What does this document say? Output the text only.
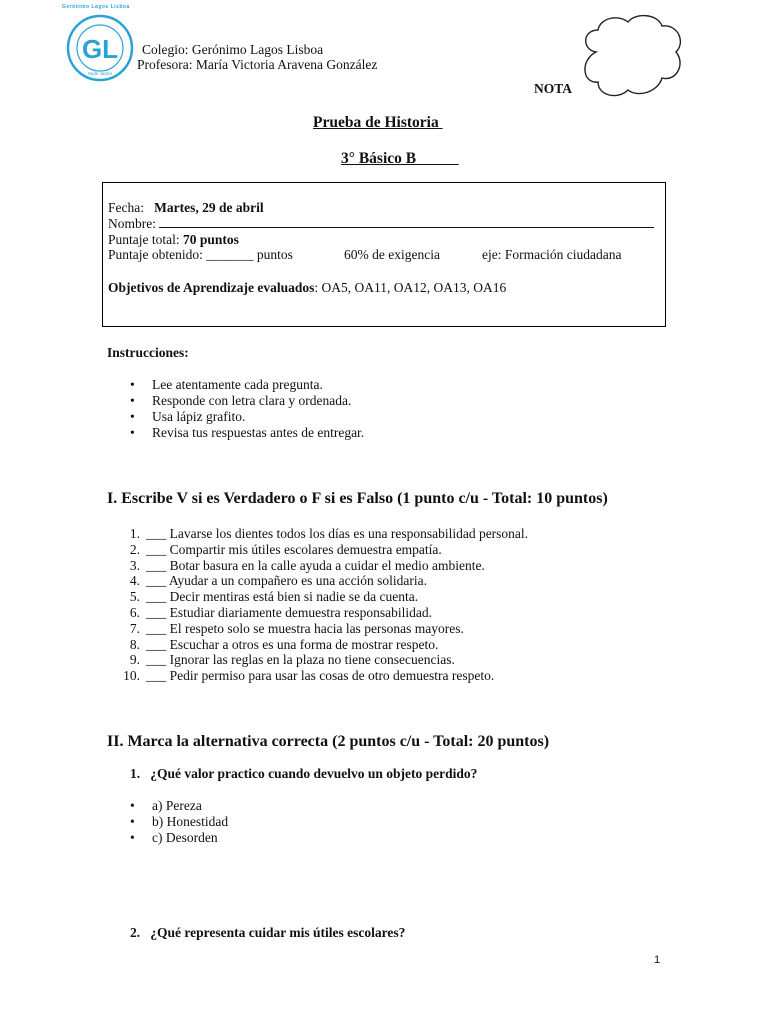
GL
Sede Jardín
Gerónimo Lagos Lisboa
Colegio: Gerónimo Lagos Lisboa
Profesora: María Victoria Aravena González
NOTA
Prueba de Historia
3° Básico B
Fecha: Martes, 29 de abril
Nombre:
Puntaje total: 70 puntos
Puntaje obtenido: _______ puntos	60% de exigencia	eje: Formación ciudadana
Objetivos de Aprendizaje evaluados: OA5, OA11, OA12, OA13, OA16
Instrucciones:
• Lee atentamente cada pregunta.
• Responde con letra clara y ordenada.
• Usa lápiz grafito.
• Revisa tus respuestas antes de entregar.
I. Escribe V si es Verdadero o F si es Falso (1 punto c/u - Total: 10 puntos)
1. ___ Lavarse los dientes todos los días es una responsabilidad personal.
2. ___ Compartir mis útiles escolares demuestra empatía.
3. ___ Botar basura en la calle ayuda a cuidar el medio ambiente.
4. ___ Ayudar a un compañero es una acción solidaria.
5. ___ Decir mentiras está bien si nadie se da cuenta.
6. ___ Estudiar diariamente demuestra responsabilidad.
7. ___ El respeto solo se muestra hacia las personas mayores.
8. ___ Escuchar a otros es una forma de mostrar respeto.
9. ___ Ignorar las reglas en la plaza no tiene consecuencias.
10. ___ Pedir permiso para usar las cosas de otro demuestra respeto.
II. Marca la alternativa correcta (2 puntos c/u - Total: 20 puntos)
1. ¿Qué valor practico cuando devuelvo un objeto perdido?
• a) Pereza
• b) Honestidad
• c) Desorden
2. ¿Qué representa cuidar mis útiles escolares?
1
